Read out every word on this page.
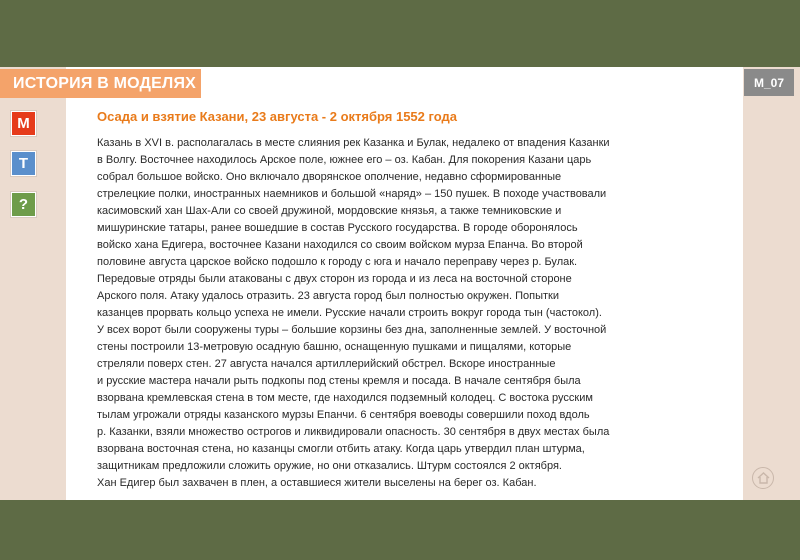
ИСТОРИЯ В МОДЕЛЯХ	M_07
M
T
?
Осада и взятие Казани, 23 августа - 2 октября 1552 года

Казань в XVI в. располагалась в месте слияния рек Казанка и Булак, недалеко от впадения Казанки

в Волгу. Восточнее находилось Арское поле, южнее его – оз. Кабан. Для покорения Казани царь

собрал большое войско. Оно включало дворянское ополчение, недавно сформированные

стрелецкие полки, иностранных наемников и большой «наряд» – 150 пушек. В походе участвовали

касимовский хан Шах-Али со своей дружиной, мордовские князья, а также темниковские и

мишуринские татары, ранее вошедшие в состав Русского государства. В городе оборонялось

войско хана Едигера, восточнее Казани находился со своим войском мурза Епанча. Во второй

половине августа царское войско подошло к городу с юга и начало переправу через р. Булак.

Передовые отряды были атакованы с двух сторон из города и из леса на восточной стороне

Арского поля. Атаку удалось отразить. 23 августа город был полностью окружен. Попытки

казанцев прорвать кольцо успеха не имели. Русские начали строить вокруг города тын (частокол).

У всех ворот были сооружены туры – большие корзины без дна, заполненные землей. У восточной

стены построили 13-метровую осадную башню, оснащенную пушками и пищалями, которые

стреляли поверх стен. 27 августа начался артиллерийский обстрел. Вскоре иностранные

и русские мастера начали рыть подкопы под стены кремля и посада. В начале сентября была

взорвана кремлевская стена в том месте, где находился подземный колодец. С востока русским

тылам угрожали отряды казанского мурзы Епанчи. 6 сентября воеводы совершили поход вдоль

р. Казанки, взяли множество острогов и ликвидировали опасность. 30 сентября в двух местах была

взорвана восточная стена, но казанцы смогли отбить атаку. Когда царь утвердил план штурма,

защитникам предложили сложить оружие, но они отказались. Штурм состоялся 2 октября.

Хан Едигер был захвачен в плен, а оставшиеся жители выселены на берег оз. Кабан.
